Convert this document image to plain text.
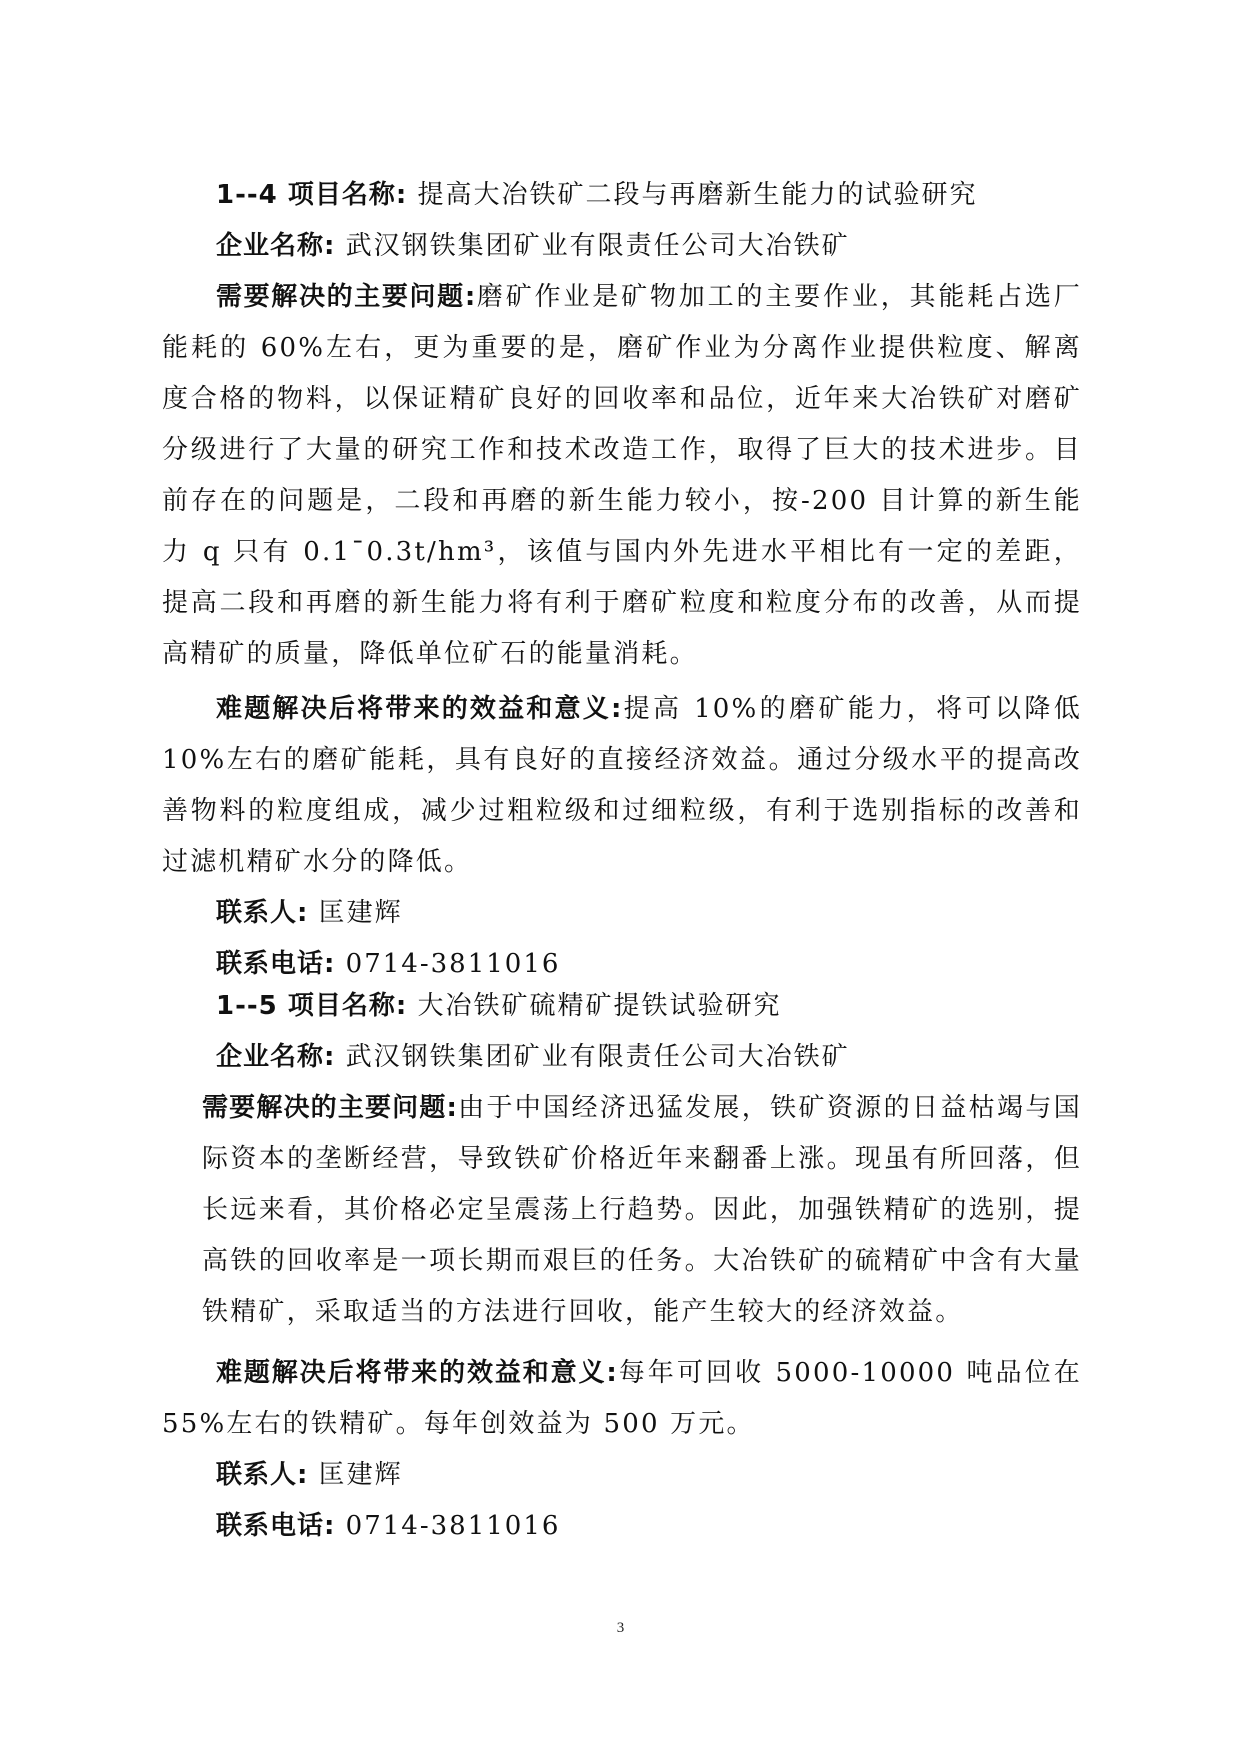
1--4 项目名称: 提高大冶铁矿二段与再磨新生能力的试验研究

企业名称: 武汉钢铁集团矿业有限责任公司大冶铁矿

需要解决的主要问题:磨矿作业是矿物加工的主要作业，其能耗占选厂能耗的 60%左右，更为重要的是，磨矿作业为分离作业提供粒度、解离度合格的物料，以保证精矿良好的回收率和品位，近年来大冶铁矿对磨矿分级进行了大量的研究工作和技术改造工作，取得了巨大的技术进步。目前存在的问题是，二段和再磨的新生能力较小，按-200 目计算的新生能力 q 只有 0.1¯0.3t/hm³，该值与国内外先进水平相比有一定的差距，提高二段和再磨的新生能力将有利于磨矿粒度和粒度分布的改善，从而提高精矿的质量，降低单位矿石的能量消耗。

难题解决后将带来的效益和意义:提高 10%的磨矿能力，将可以降低 10%左右的磨矿能耗，具有良好的直接经济效益。通过分级水平的提高改善物料的粒度组成，减少过粗粒级和过细粒级，有利于选别指标的改善和过滤机精矿水分的降低。

联系人: 匡建辉

联系电话: 0714-3811016

1--5 项目名称: 大冶铁矿硫精矿提铁试验研究

企业名称: 武汉钢铁集团矿业有限责任公司大冶铁矿

需要解决的主要问题:由于中国经济迅猛发展，铁矿资源的日益枯竭与国际资本的垄断经营，导致铁矿价格近年来翻番上涨。现虽有所回落，但长远来看，其价格必定呈震荡上行趋势。因此，加强铁精矿的选别，提高铁的回收率是一项长期而艰巨的任务。大冶铁矿的硫精矿中含有大量铁精矿，采取适当的方法进行回收，能产生较大的经济效益。

难题解决后将带来的效益和意义:每年可回收 5000-10000 吨品位在 55%左右的铁精矿。每年创效益为 500 万元。

联系人: 匡建辉

联系电话: 0714-3811016

3
